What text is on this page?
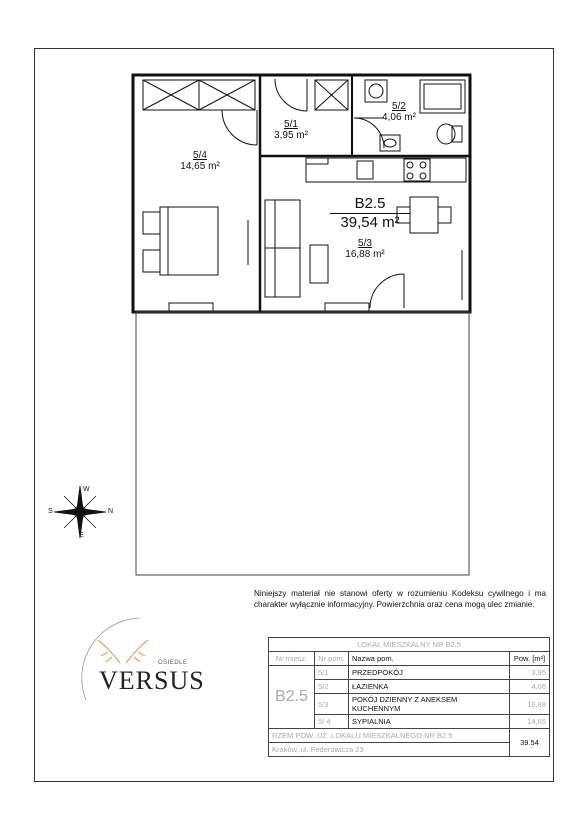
5/4
14,65 m²
5/1
3,95 m²
5/2
4,06 m²
B2.5
39,54 m²
5/3
16,88 m²
S	N
W
E
Niniejszy materiał nie stanowi oferty w rozumieniu Kodeksu cywilnego i ma charakter wyłącznie informacyjny. Powierzchnia oraz cena mogą ulec zmianie.
OSIEDLE
VERSUS
LOKAL MIESZKALNY NR B2.5			
Nr miesz.	Nr pom.	Nazwa pom.	Pow. [m²]
B2.5	5/1	PRZEDPOKÓJ	3,95
	5/2	ŁAZIENKA	4,06
	5/3	POKÓJ DZIENNY Z ANEKSEM KUCHENNYM	16,88
	5/ 4	SYPIALNIA	14,65
RZEM POW. UŻ. LOKALU MIESZKALNEGO NR B2.5			39.54
Kraków, ul. Federowicza 23			
